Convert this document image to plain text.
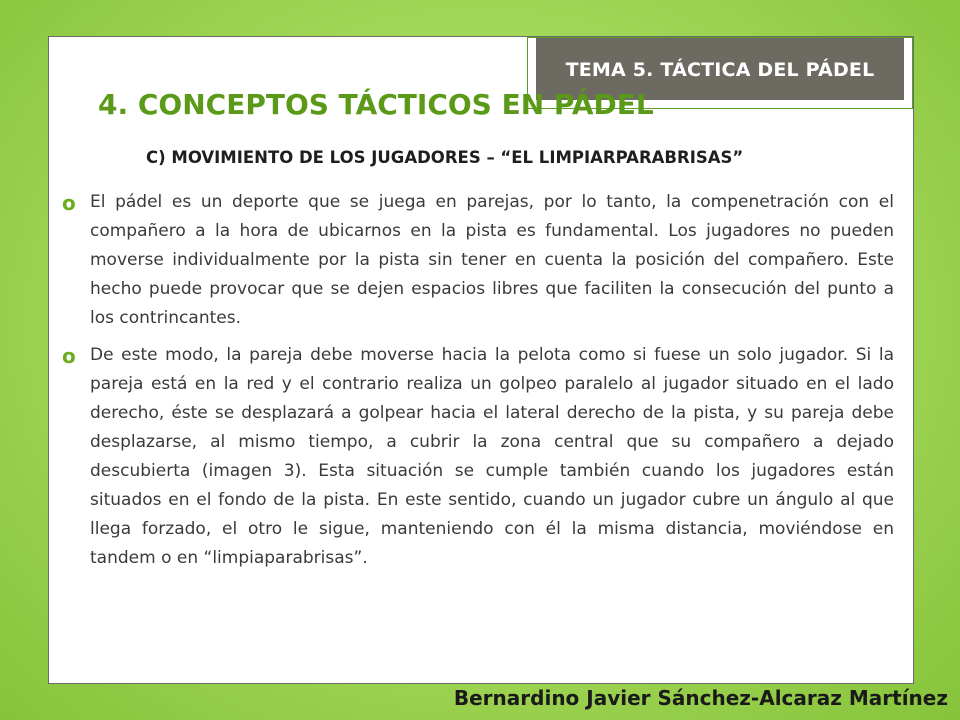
TEMA 5. TÁCTICA DEL PÁDEL
4. CONCEPTOS TÁCTICOS EN PÁDEL
C) MOVIMIENTO DE LOS JUGADORES – “EL LIMPIARPARABRISAS”
o El pádel es un deporte que se juega en parejas, por lo tanto, la compenetración con el compañero a la hora de ubicarnos en la pista es fundamental. Los jugadores no pueden moverse individualmente por la pista sin tener en cuenta la posición del compañero. Este hecho puede provocar que se dejen espacios libres que faciliten la consecución del punto a los contrincantes.
o De este modo, la pareja debe moverse hacia la pelota como si fuese un solo jugador. Si la pareja está en la red y el contrario realiza un golpeo paralelo al jugador situado en el lado derecho, éste se desplazará a golpear hacia el lateral derecho de la pista, y su pareja debe desplazarse, al mismo tiempo, a cubrir la zona central que su compañero a dejado descubierta (imagen 3). Esta situación se cumple también cuando los jugadores están situados en el fondo de la pista. En este sentido, cuando un jugador cubre un ángulo al que llega forzado, el otro le sigue, manteniendo con él la misma distancia, moviéndose en tandem o en “limpiaparabrisas”.

Bernardino Javier Sánchez-Alcaraz Martínez
